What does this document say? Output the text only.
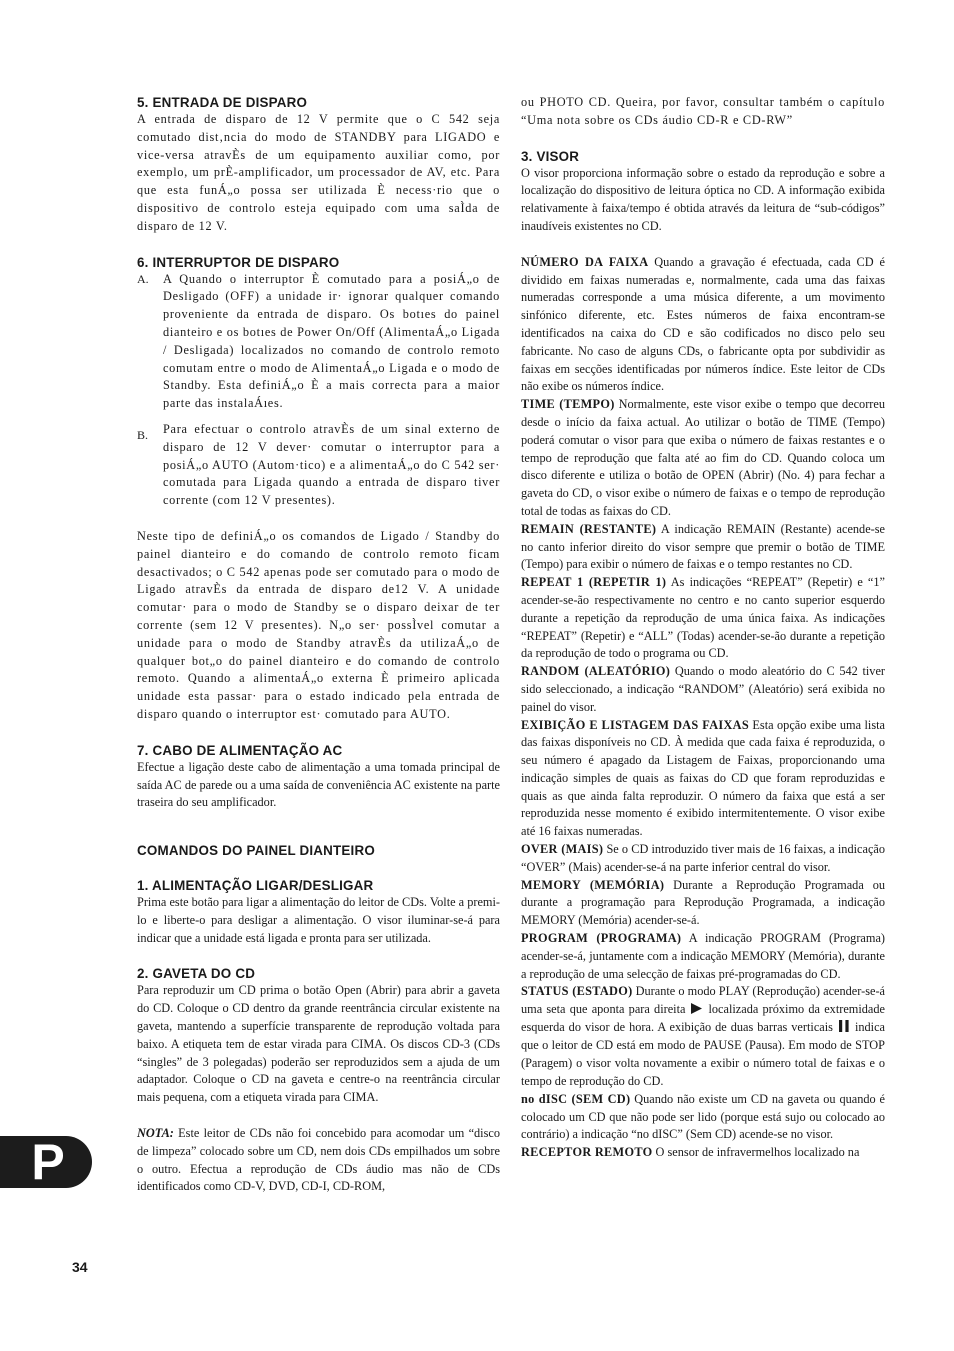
5. ENTRADA DE DISPARO

A entrada de disparo de 12 V permite que o C 542 seja comutado dist‚ncia do modo de STANDBY para LIGADO e vice-versa atravÈs de um equipamento auxiliar como, por exemplo, um prÈ-amplificador, um processador de AV, etc. Para que esta funÁ„o possa ser utilizada È necess·rio que o dispositivo de controlo esteja equipado com uma saÌda de disparo de 12 V.

6. INTERRUPTOR DE DISPARO
A.	A Quando o interruptor È comutado para a posiÁ„o de Desligado (OFF) a unidade ir· ignorar qualquer comando proveniente da entrada de disparo. Os botıes do painel dianteiro e os botıes de Power On/Off (AlimentaÁ„o Ligada / Desligada) localizados no comando de controlo remoto comutam entre o modo de AlimentaÁ„o Ligada e o modo de Standby. Esta definiÁ„o È a mais correcta para a maior parte das instalaÁıes.

B.	Para efectuar o controlo atravÈs de um sinal externo de disparo de 12 V dever· comutar o interruptor para a posiÁ„o AUTO (Autom·tico) e a alimentaÁ„o do C 542 ser· comutada para Ligada quando a entrada de disparo tiver corrente (com 12 V presentes).

Neste tipo de definiÁ„o os comandos de Ligado / Standby do painel dianteiro e do comando de controlo remoto ficam desactivados; o C 542 apenas pode ser comutado para o modo de Ligado atravÈs da entrada de disparo de12 V. A unidade comutar· para o modo de Standby se o disparo deixar de ter corrente (sem 12 V presentes). N„o ser· possÌvel comutar a unidade para o modo de Standby atravÈs da utilizaÁ„o de qualquer bot„o do painel dianteiro e do comando de controlo remoto. Quando a alimentaÁ„o externa È primeiro aplicada unidade esta passar· para o estado indicado pela entrada de disparo quando o interruptor est· comutado para AUTO.

7. CABO DE ALIMENTAÇÃO AC

Efectue a ligação deste cabo de alimentação a uma tomada principal de saída AC de parede ou a uma saída de conveniência AC existente na parte traseira do seu amplificador.

COMANDOS DO PAINEL DIANTEIRO
1. ALIMENTAÇÃO LIGAR/DESLIGAR

Prima este botão para ligar a alimentação do leitor de CDs. Volte a premi-lo e liberte-o para desligar a alimentação. O visor iluminar-se-á para indicar que a unidade está ligada e pronta para ser utilizada.

2. GAVETA DO CD

Para reproduzir um CD prima o botão Open (Abrir) para abrir a gaveta do CD. Coloque o CD dentro da grande reentrância circular existente na gaveta, mantendo a superfície transparente de reprodução voltada para baixo. A etiqueta tem de estar virada para CIMA. Os discos CD-3 (CDs “singles” de 3 polegadas) poderão ser reproduzidos sem a ajuda de um adaptador. Coloque o CD na gaveta e centre-o na reentrância circular mais pequena, com a etiqueta virada para CIMA.

NOTA: Este leitor de CDs não foi concebido para acomodar um “disco de limpeza” colocado sobre um CD, nem dois CDs empilhados um sobre o outro. Efectua a reprodução de CDs áudio mas não de CDs identificados como CD-V, DVD, CD-I, CD-ROM,

ou PHOTO CD. Queira, por favor, consultar também o capítulo “Uma nota sobre os CDs áudio CD-R e CD-RW”

3. VISOR

O visor proporciona informação sobre o estado da reprodução e sobre a localização do dispositivo de leitura óptica no CD. A informação exibida relativamente à faixa/tempo é obtida através da leitura de “sub-códigos” inaudíveis existentes no CD.

NÚMERO DA FAIXA Quando a gravação é efectuada, cada CD é dividido em faixas numeradas e, normalmente, cada uma das faixas numeradas corresponde a uma música diferente, a um movimento sinfónico diferente, etc. Estes números de faixa encontram-se identificados na caixa do CD e são codificados no disco pelo seu fabricante. No caso de alguns CDs, o fabricante opta por subdividir as faixas em secções identificadas por números índice. Este leitor de CDs não exibe os números índice.

TIME (TEMPO) Normalmente, este visor exibe o tempo que decorreu desde o início da faixa actual. Ao utilizar o botão de TIME (Tempo) poderá comutar o visor para que exiba o número de faixas restantes e o tempo de reprodução que falta até ao fim do CD. Quando coloca um disco diferente e utiliza o botão de OPEN (Abrir) (No. 4) para fechar a gaveta do CD, o visor exibe o número de faixas e o tempo de reprodução total de todas as faixas do CD.

REMAIN (RESTANTE) A indicação REMAIN (Restante) acende-se no canto inferior direito do visor sempre que premir o botão de TIME (Tempo) para exibir o número de faixas e o tempo restantes no CD.

REPEAT 1 (REPETIR 1) As indicações “REPEAT” (Repetir) e “1” acender-se-ão respectivamente no centro e no canto superior esquerdo durante a repetição da reprodução de uma única faixa. As indicações “REPEAT” (Repetir) e “ALL” (Todas) acender-se-ão durante a repetição da reprodução de todo o programa ou CD.

RANDOM (ALEATÓRIO) Quando o modo aleatório do C 542 tiver sido seleccionado, a indicação “RANDOM” (Aleatório) será exibida no painel do visor.

EXIBIÇÃO E LISTAGEM DAS FAIXAS Esta opção exibe uma lista das faixas disponíveis no CD. À medida que cada faixa é reproduzida, o seu número é apagado da Listagem de Faixas, proporcionando uma indicação simples de quais as faixas do CD que foram reproduzidas e quais as que ainda falta reproduzir. O número da faixa que está a ser reproduzida nesse momento é exibido intermitentemente. O visor exibe até 16 faixas numeradas.

OVER (MAIS) Se o CD introduzido tiver mais de 16 faixas, a indicação “OVER” (Mais) acender-se-á na parte inferior central do visor.

MEMORY (MEMÓRIA) Durante a Reprodução Programada ou durante a programação para Reprodução Programada, a indicação MEMORY (Memória) acender-se-á.

PROGRAM (PROGRAMA) A indicação PROGRAM (Programa) acender-se-á, juntamente com a indicação MEMORY (Memória), durante a reprodução de uma selecção de faixas pré-programadas do CD.

STATUS (ESTADO) Durante o modo PLAY (Reprodução) acender-se-á uma seta que aponta para direita localizada próximo da extremidade esquerda do visor de hora. A exibição de duas barras verticais indica que o leitor de CD está em modo de PAUSE (Pausa). Em modo de STOP (Paragem) o visor volta novamente a exibir o número total de faixas e o tempo de reprodução do CD.

no dISC (SEM CD) Quando não existe um CD na gaveta ou quando é colocado um CD que não pode ser lido (porque está sujo ou colocado ao contrário) a indicação “no dISC” (Sem CD) acende-se no visor.

RECEPTOR REMOTO O sensor de infravermelhos localizado na

P
34
